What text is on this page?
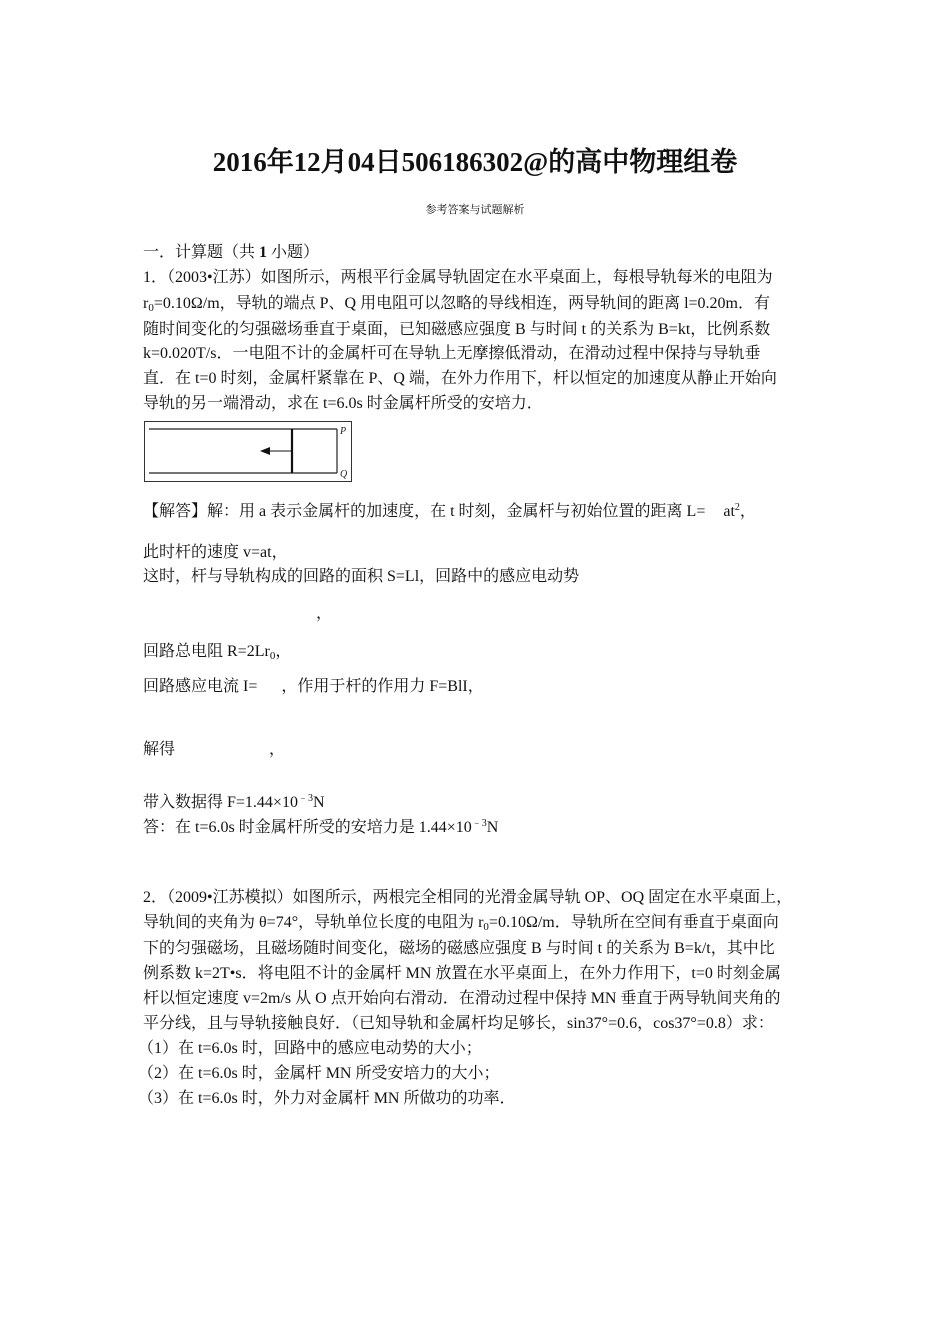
2016年12月04日506186302@的高中物理组卷
参考答案与试题解析
一．计算题（共 1 小题）
1．（2003•江苏）如图所示，两根平行金属导轨固定在水平桌面上，每根导轨每米的电阻为
$r_0=0.10\Omega/m$，导轨的端点 P、Q 用电阻可以忽略的导线相连，两导轨间的距离 l=0.20m．有
随时间变化的匀强磁场垂直于桌面，已知磁感应强度 B 与时间 t 的关系为 B=kt，比例系数
k=0.020T/s．一电阻不计的金属杆可在导轨上无摩擦低滑动，在滑动过程中保持与导轨垂
直．在 t=0 时刻，金属杆紧靠在 P、Q 端，在外力作用下，杆以恒定的加速度从静止开始向
导轨的另一端滑动，求在 t=6.0s 时金属杆所受的安培力．
P
Q
【解答】解：用 a 表示金属杆的加速度，在 t 时刻，金属杆与初始位置的距离 $L= at^2$，
此时杆的速度 v=at，
这时，杆与导轨构成的回路的面积 S=Ll，回路中的感应电动势
，
回路总电阻 $R=2Lr_0$，
回路感应电流 I= ，作用于杆的作用力 F=BlI，
解得	，
带入数据得 $F=1.44\times 10^{﹣3}N$
答：在 t=6.0s 时金属杆所受的安培力是 $1.44\times 10^{﹣3}N$
2．（2009•江苏模拟）如图所示，两根完全相同的光滑金属导轨 OP、OQ 固定在水平桌面上，
导轨间的夹角为 θ=74°，导轨单位长度的电阻为 $r_0=0.10\Omega/m$．导轨所在空间有垂直于桌面向
下的匀强磁场，且磁场随时间变化，磁场的磁感应强度 B 与时间 t 的关系为 B=k/t，其中比
例系数 k=2T•s．将电阻不计的金属杆 MN 放置在水平桌面上，在外力作用下，t=0 时刻金属
杆以恒定速度 v=2m/s 从 O 点开始向右滑动．在滑动过程中保持 MN 垂直于两导轨间夹角的
平分线，且与导轨接触良好．（已知导轨和金属杆均足够长，sin37°=0.6，cos37°=0.8）求：
（1）在 t=6.0s 时，回路中的感应电动势的大小；
（2）在 t=6.0s 时，金属杆 MN 所受安培力的大小；
（3）在 t=6.0s 时，外力对金属杆 MN 所做功的功率．
